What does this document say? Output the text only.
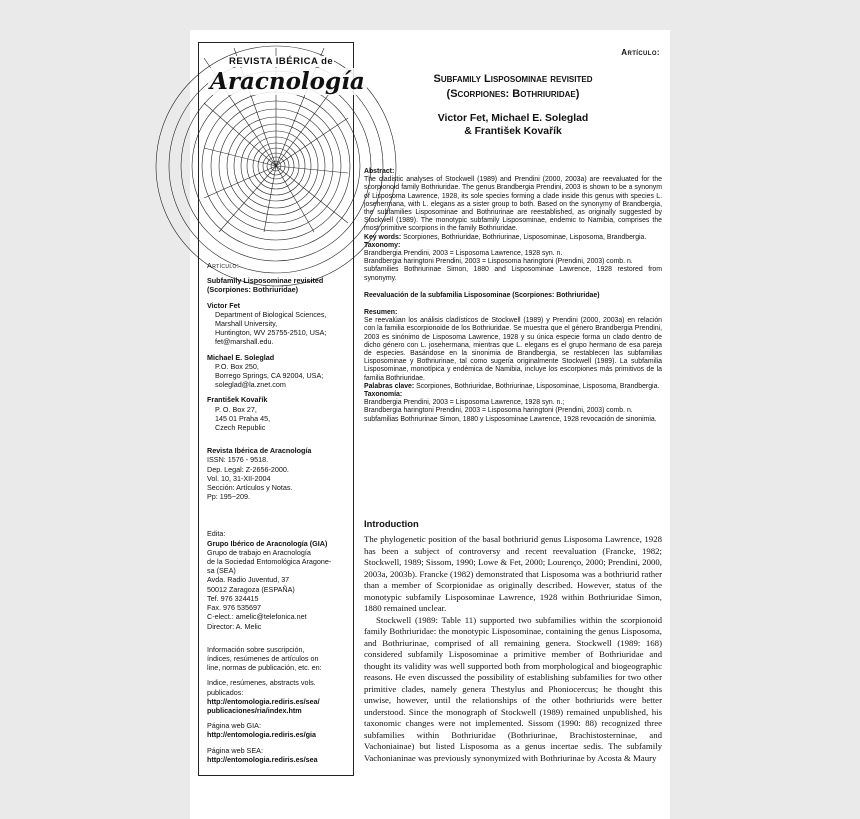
REVISTA IBÉRICA de
Aracnología
Artículo:
Subfamily Lisposominae revisited (Scorpiones: Bothriuridae)
Victor Fet
Department of Biological Sciences,
Marshall University,
Huntington, WV 25755-2510, USA;
fet@marshall.edu.
Michael E. Soleglad
P.O. Box 250,
Borrego Springs, CA 92004, USA;
soleglad@la.znet.com
František Kovařík
P. O. Box 27,
145 01 Praha 45,
Czech Republic
Revista Ibérica de Aracnología
ISSN: 1576 - 9518.
Dep. Legal: Z-2656-2000.
Vol. 10, 31-XII-2004
Sección: Artículos y Notas.
Pp: 195−209.
Edita:
Grupo Ibérico de Aracnología (GIA)
Grupo de trabajo en Aracnología
de la Sociedad Entomológica Aragone-
sa (SEA)
Avda. Radio Juventud, 37
50012 Zaragoza (ESPAÑA)
Tef. 976 324415
Fax. 976 535697
C-elect.: amelic@telefonica.net
Director: A. Melic
Información sobre suscripción,
índices, resúmenes de artículos on
line, normas de publicación, etc. en:
Indice, resúmenes, abstracts vols.
publicados:
http://entomologia.rediris.es/sea/ publicaciones/ria/index.htm
Página web GIA:
http://entomologia.rediris.es/gia
Página web SEA:
http://entomologia.rediris.es/sea
Artículo:
Subfamily Lisposominae revisited
(Scorpiones: Bothriuridae)
Victor Fet, Michael E. Soleglad
& František Kovařík
Abstract:
The cladistic analyses of Stockwell (1989) and Prendini (2000, 2003a) are reevaluated for the scorpionoid family Bothriuridae. The genus Brandbergia Prendini, 2003 is shown to be a synonym of Lisposoma Lawrence, 1928, its sole species forming a clade inside this genus with species L. josehermana, with L. elegans as a sister group to both. Based on the synonymy of Brandbergia, the subfamilies Lisposominae and Bothriurinae are reestablished, as originally suggested by Stockwell (1989). The monotypic subfamily Lisposominae, endemic to Namibia, comprises the most primitive scorpions in the family Bothriuridae.
Key words: Scorpiones, Bothriuridae, Bothriurinae, Lisposominae, Lisposoma, Brandbergia.
Taxonomy:
Brandbergia Prendini, 2003 = Lisposoma Lawrence, 1928 syn. n.
Brandbergia haringtoni Prendini, 2003 = Lisposoma haringtoni (Prendini, 2003) comb. n.
subfamilies Bothriurinae Simon, 1880 and Lisposominae Lawrence, 1928 restored from synonymy.
Reevaluación de la subfamilia Lisposominae (Scorpiones: Bothriuridae)
Resumen:
Se reevalúan los análisis cladísticos de Stockwell (1989) y Prendini (2000, 2003a) en relación con la familia escorpionoide de los Bothriuridae. Se muestra que el género Brandbergia Prendini, 2003 es sinónimo de Lisposoma Lawrence, 1928 y su única especie forma un clado dentro de dicho género con L. josehermana, mientras que L. elegans es el grupo hermano de esa pareja de especies. Basándose en la sinonimia de Brandbergia, se restablecen las subfamilias Lisposominae y Bothriurinae, tal como sugería originalmente Stockwell (1989). La subfamilia Lisposominae, monotípica y endémica de Namibia, incluye los escorpiones más primitivos de la familia Bothriuridae.
Palabras clave: Scorpiones, Bothriuridae, Bothriurinae, Lisposominae, Lisposoma, Brandbergia.
Taxonomía:
Brandbergia Prendini, 2003 = Lisposoma Lawrence, 1928 syn. n.;
Brandbergia haringtoni Prendini, 2003 = Lisposoma haringtoni (Prendini, 2003) comb. n.
subfamilias Bothriurinae Simon, 1880 y Lisposominae Lawrence, 1928 revocación de sinonimia.
Introduction

The phylogenetic position of the basal bothriurid genus Lisposoma Lawrence, 1928 has been a subject of controversy and recent reevaluation (Francke, 1982; Stockwell, 1989; Sissom, 1990; Lowe & Fet, 2000; Lourenço, 2000; Prendini, 2000, 2003a, 2003b). Francke (1982) demonstrated that Lisposoma was a bothriurid rather than a member of Scorpionidae as originally described. However, status of the monotypic subfamily Lisposominae Lawrence, 1928 within Bothriuridae Simon, 1880 remained unclear.

Stockwell (1989: Table 11) supported two subfamilies within the scorpionoid family Bothriuridae: the monotypic Lisposominae, containing the genus Lisposoma, and Bothriurinae, comprised of all remaining genera. Stockwell (1989: 168) considered subfamily Lisposominae a primitive member of Bothriuridae and thought its validity was well supported both from morphological and biogeographic reasons. He even discussed the possibility of establishing subfamilies for two other primitive clades, namely genera Thestylus and Phoniocercus; he thought this unwise, however, until the relationships of the other bothriurids were better understood. Since the monograph of Stockwell (1989) remained unpublished, his taxonomic changes were not implemented. Sissom (1990: 88) recognized three subfamilies within Bothriuridae (Bothriurinae, Brachistosterninae, and Vachoniainae) but listed Lisposoma as a genus incertae sedis. The subfamily Vachonianinae was previously synonymized with Bothriurinae by Acosta & Maury
